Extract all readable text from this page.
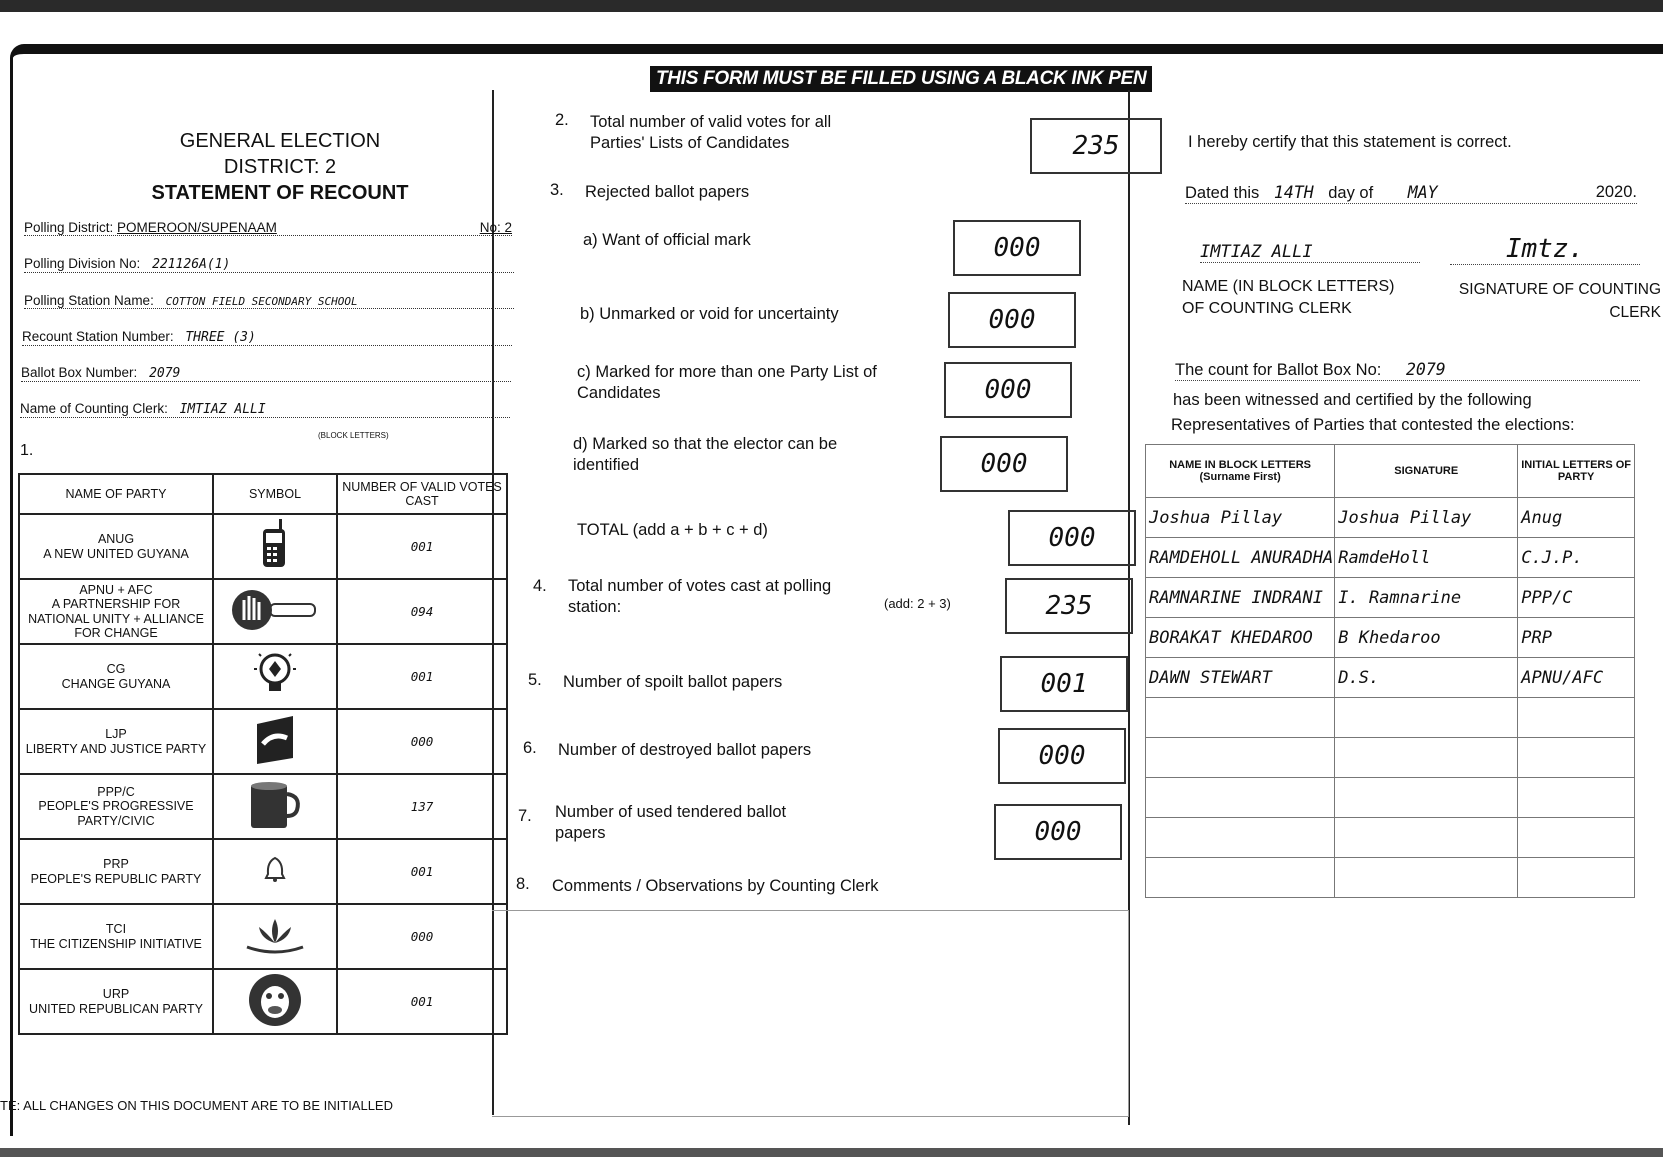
THIS FORM MUST BE FILLED USING A BLACK INK PEN
GENERAL ELECTION
DISTRICT: 2
STATEMENT OF RECOUNT
Polling District: POMEROON/SUPENAAM	No: 2
Polling Division No: 221126A(1)
Polling Station Name: COTTON FIELD SECONDARY SCHOOL
Recount Station Number: THREE (3)
Ballot Box Number: 2079
Name of Counting Clerk: IMTIAZ ALLI
(BLOCK LETTERS)
1.
NAME OF PARTY	SYMBOL	NUMBER OF VALID VOTES CAST

ANUG
A NEW UNITED GUYANA		001

APNU + AFC
A PARTNERSHIP FOR NATIONAL UNITY + ALLIANCE FOR CHANGE		094

CG
CHANGE GUYANA		001

LJP
LIBERTY AND JUSTICE PARTY		000

PPP/C
PEOPLE'S PROGRESSIVE PARTY/CIVIC		137

PRP
PEOPLE'S REPUBLIC PARTY		001

TCI
THE CITIZENSHIP INITIATIVE		000

URP
UNITED REPUBLICAN PARTY		001
TE: ALL CHANGES ON THIS DOCUMENT ARE TO BE INITIALLED
2. Total number of valid votes for all Parties' Lists of Candidates	235
3. Rejected ballot papers
a) Want of official mark	000
b) Unmarked or void for uncertainty	000
c) Marked for more than one Party List of Candidates	000
d) Marked so that the elector can be identified	000
TOTAL (add a + b + c + d)	000
4. Total number of votes cast at polling station:	(add: 2 + 3)	235
5. Number of spoilt ballot papers	001
6. Number of destroyed ballot papers	000
7. Number of used tendered ballot papers	000
8. Comments / Observations by Counting Clerk
I hereby certify that this statement is correct.
Dated this 14TH day of MAY	2020.
IMTIAZ ALLI	Imtz.
NAME (IN BLOCK LETTERS) OF COUNTING CLERK
SIGNATURE OF COUNTING CLERK
The count for Ballot Box No: 2079
has been witnessed and certified by the following
Representatives of Parties that contested the elections:
NAME IN BLOCK LETTERS (Surname First)	SIGNATURE	INITIAL LETTERS OF PARTY
Joshua Pillay	Joshua Pillay	Anug
RAMDEHOLL ANURADHA	RamdeHoll	C.J.P.
RAMNARINE INDRANI	I. Ramnarine	PPP/C
BORAKAT KHEDAROO	B Khedaroo	PRP
DAWN STEWART	D.S.	APNU/AFC
